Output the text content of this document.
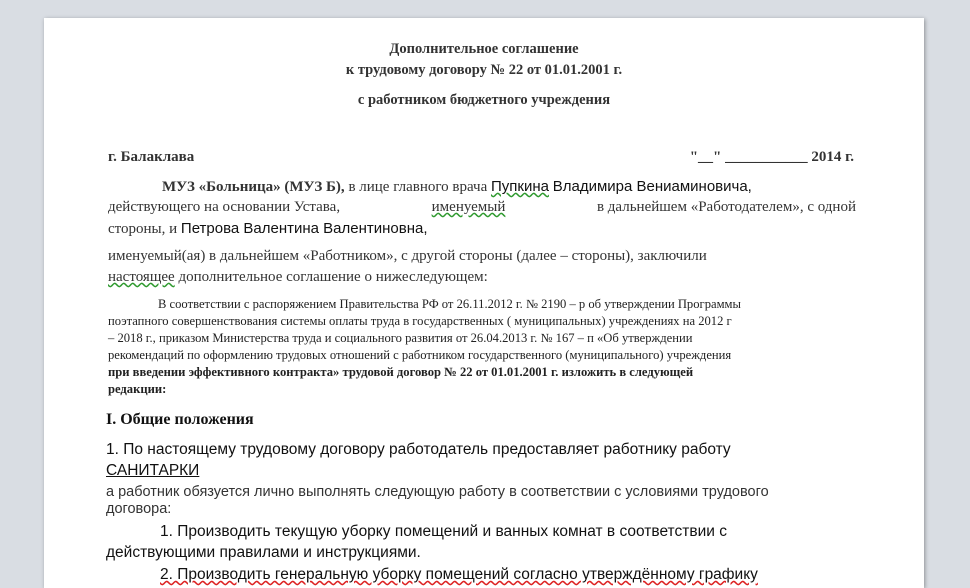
Дополнительное соглашение
к трудовому договору № 22 от 01.01.2001 г.
с работником бюджетного учреждения
г. Балаклава	"__" ___________ 2014 г.
МУЗ «Больница» (МУЗ Б), в лице главного врача Пупкина Владимира Вениаминовича,
действующего на основании Устава,	именуемый	в дальнейшем «Работодателем», с одной
стороны, и Петрова Валентина Валентиновна,
именуемый(ая) в дальнейшем «Работником», с другой стороны (далее – стороны), заключили
настоящее дополнительное соглашение о нижеследующем:
В соответствии с распоряжением Правительства РФ от 26.11.2012 г. № 2190 – р об утверждении Программы
поэтапного совершенствования системы оплаты труда в государственных ( муниципальных) учреждениях на 2012 г
– 2018 г., приказом Министерства труда и социального развития от 26.04.2013 г. № 167 – п «Об утверждении
рекомендаций по оформлению трудовых отношений с работником государственного (муниципального) учреждения
при введении эффективного контракта» трудовой договор № 22 от 01.01.2001 г. изложить в следующей
редакции:
I. Общие положения
1. По настоящему трудовому договору работодатель предоставляет работнику работу
САНИТАРКИ
а работник обязуется лично выполнять следующую работу в соответствии с условиями трудового
договора:
1. Производить текущую уборку помещений и ванных комнат в соответствии с
действующими правилами и инструкциями.
2. Производить генеральную уборку помещений согласно утверждённому графику
